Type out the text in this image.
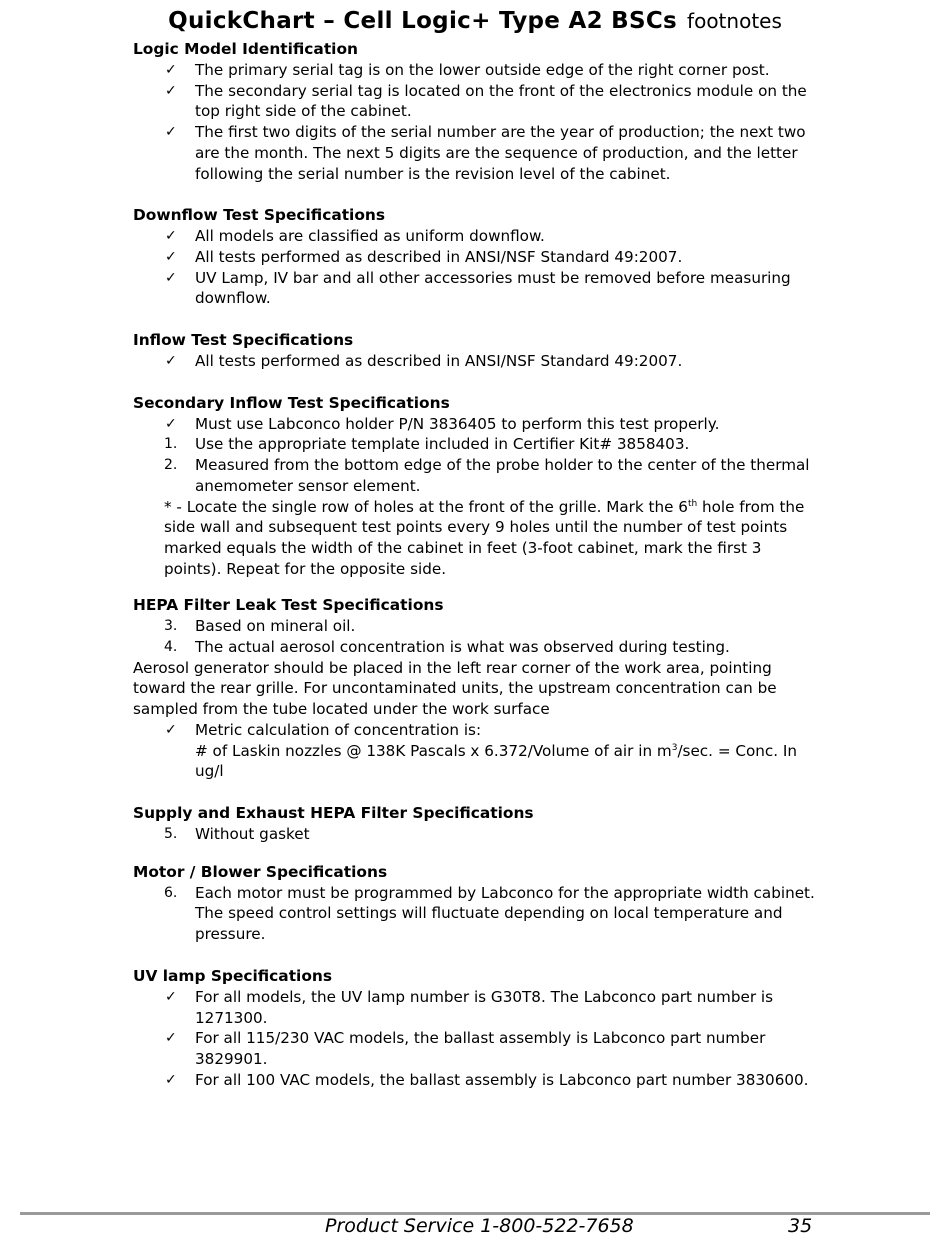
QuickChart – Cell Logic+ Type A2 BSCs footnotes
Logic Model Identification
✓	The primary serial tag is on the lower outside edge of the right corner post.
✓	The secondary serial tag is located on the front of the electronics module on the top right side of the cabinet.
✓	The first two digits of the serial number are the year of production; the next two are the month. The next 5 digits are the sequence of production, and the letter following the serial number is the revision level of the cabinet.
Downflow Test Specifications
✓	All models are classified as uniform downflow.
✓	All tests performed as described in ANSI/NSF Standard 49:2007.
✓	UV Lamp, IV bar and all other accessories must be removed before measuring downflow.
Inflow Test Specifications
✓	All tests performed as described in ANSI/NSF Standard 49:2007.
Secondary Inflow Test Specifications
✓	Must use Labconco holder P/N 3836405 to perform this test properly.
1.	Use the appropriate template included in Certifier Kit# 3858403.
2.	Measured from the bottom edge of the probe holder to the center of the thermal anemometer sensor element.
* - Locate the single row of holes at the front of the grille. Mark the 6th hole from the side wall and subsequent test points every 9 holes until the number of test points marked equals the width of the cabinet in feet (3-foot cabinet, mark the first 3 points). Repeat for the opposite side.
HEPA Filter Leak Test Specifications
3.	Based on mineral oil.
4.	The actual aerosol concentration is what was observed during testing.
Aerosol generator should be placed in the left rear corner of the work area, pointing toward the rear grille. For uncontaminated units, the upstream concentration can be sampled from the tube located under the work surface
✓	Metric calculation of concentration is:
# of Laskin nozzles @ 138K Pascals x 6.372/Volume of air in $m^3/\sec$. = Conc. In ug/l
Supply and Exhaust HEPA Filter Specifications
5.	Without gasket
Motor / Blower Specifications
6.	Each motor must be programmed by Labconco for the appropriate width cabinet. The speed control settings will fluctuate depending on local temperature and pressure.
UV lamp Specifications
✓	For all models, the UV lamp number is G30T8. The Labconco part number is 1271300.
✓	For all 115/230 VAC models, the ballast assembly is Labconco part number 3829901.
✓	For all 100 VAC models, the ballast assembly is Labconco part number 3830600.
Product Service 1-800-522-7658	35
